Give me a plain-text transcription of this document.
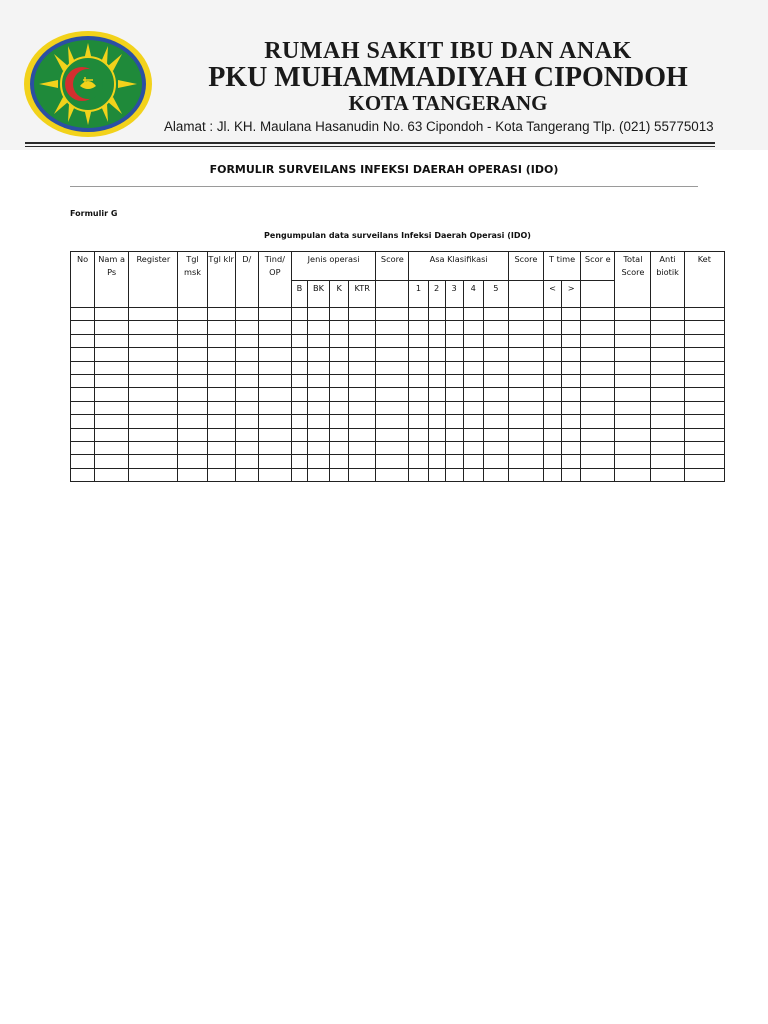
RUMAH SAKIT IBU DAN ANAK
PKU MUHAMMADIYAH CIPONDOH
KOTA TANGERANG
Alamat : Jl. KH. Maulana Hasanudin No. 63 Cipondoh - Kota Tangerang Tlp. (021) 55775013
FORMULIR SURVEILANS INFEKSI DAERAH OPERASI (IDO)
Formulir G
Pengumpulan data surveilans Infeksi Daerah Operasi (IDO)
No	Nam a Ps	Register	Tgl msk	Tgl klr	D/	Tind/ OP	Jenis operasi				Score	Asa Klasifikasi					Score	T time		Scor e	Total Score	Anti biotik	Ket
							B	BK	K	KTR		1	2	3	4	5		<	>				
